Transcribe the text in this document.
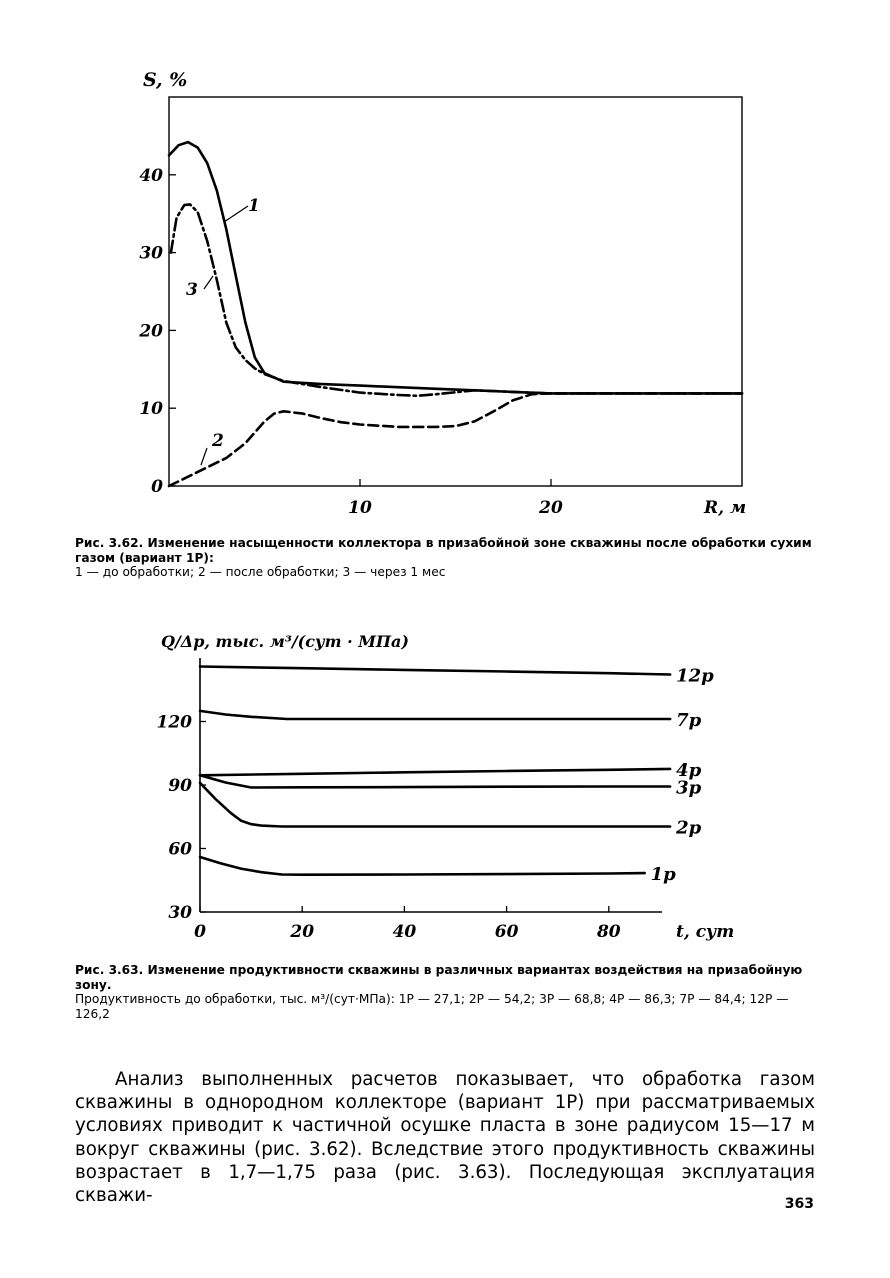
S, %
0
10
20
30
40
10	20	R, м
1
3
2
Рис. 3.62. Изменение насыщенности коллектора в призабойной зоне скважины после обработки сухим газом (вариант 1Р):
1 — до обработки; 2 — после обработки; 3 — через 1 мес
Q/Δp, тыс. м³/(сут · МПа)
30
60
90
120
0	20	40	60	80
12р
7р
4р
3р
2р
1р
t, сут
Рис. 3.63. Изменение продуктивности скважины в различных вариантах воздействия на призабойную зону.
Продуктивность до обработки, тыс. м³/(сут·МПа): 1Р — 27,1; 2Р — 54,2; 3Р — 68,8; 4Р — 86,3; 7Р — 84,4; 12Р — 126,2

Анализ выполненных расчетов показывает, что обработка газом скважины в однородном коллекторе (вариант 1Р) при рассматриваемых условиях приводит к частичной осушке пласта в зоне радиусом 15—17 м вокруг скважины (рис. 3.62). Вследствие этого продуктивность скважины возрастает в 1,7—1,75 раза (рис. 3.63). Последующая эксплуатация скважи-	363
